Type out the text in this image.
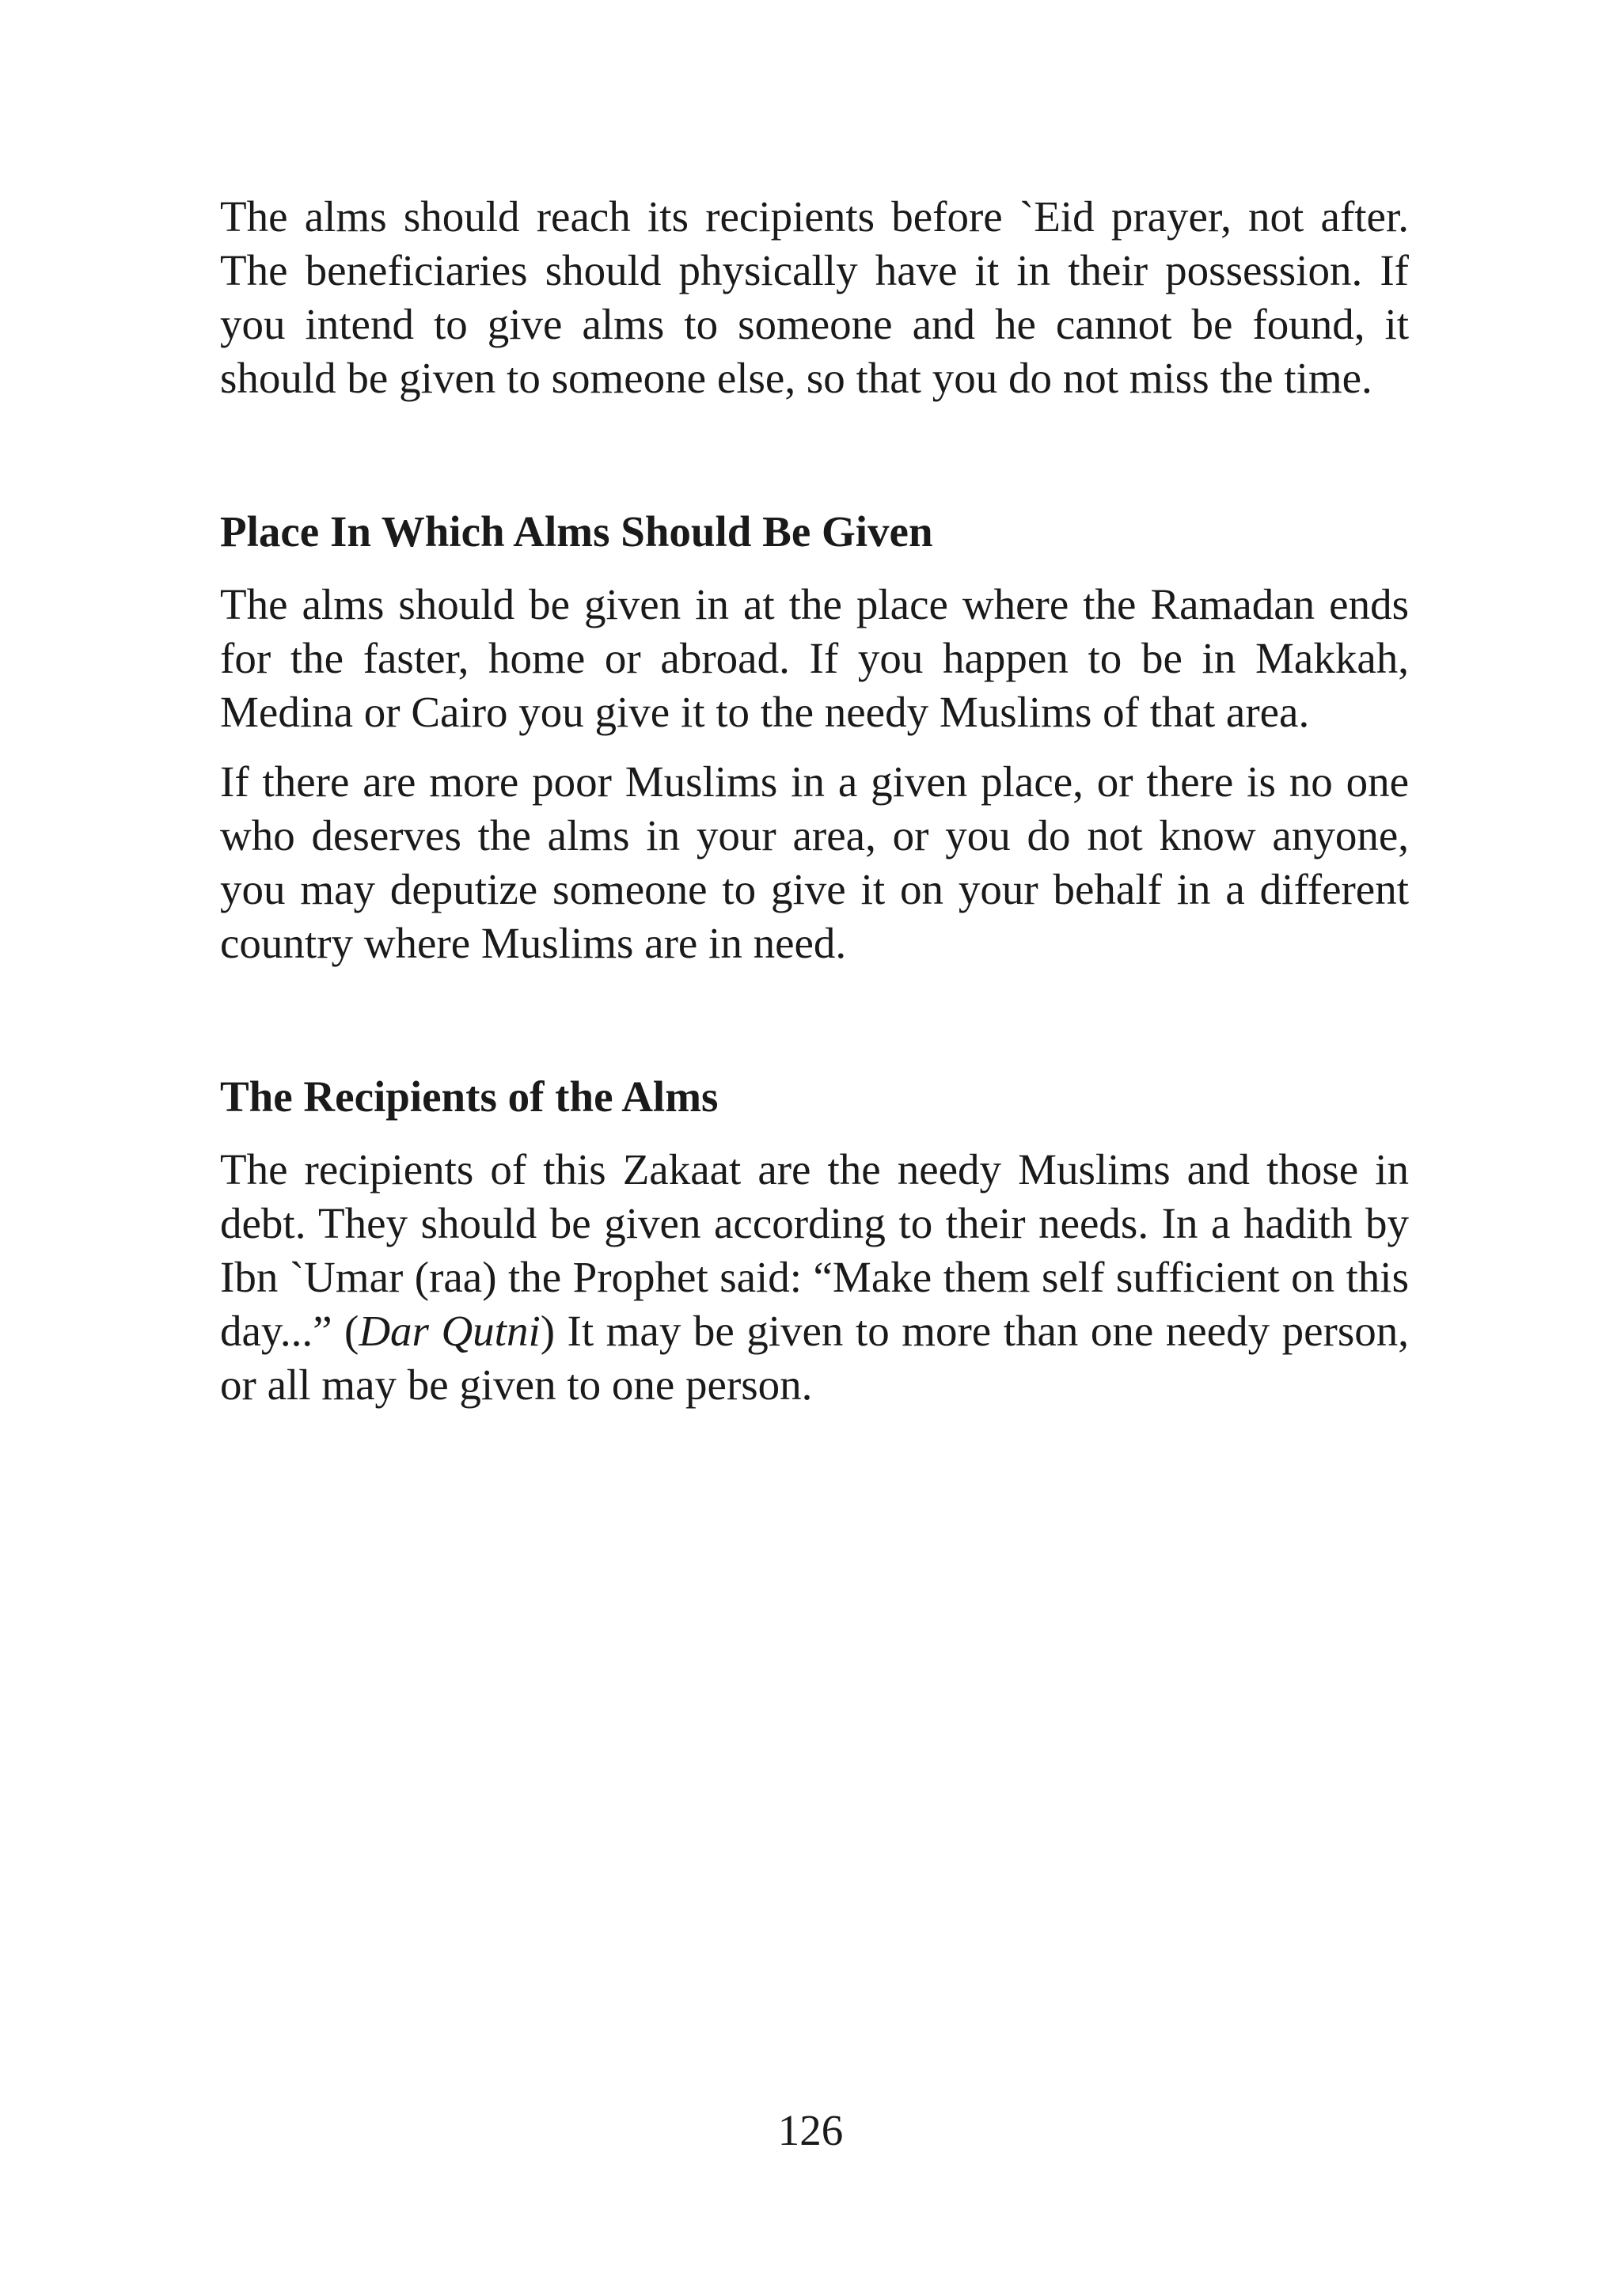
The alms should reach its recipients before `Eid prayer, not after. The beneficiaries should physically have it in their possession. If you intend to give alms to someone and he cannot be found, it should be given to someone else, so that you do not miss the time.

Place In Which Alms Should Be Given

The alms should be given in at the place where the Ramadan ends for the faster, home or abroad. If you happen to be in Makkah, Medina or Cairo you give it to the needy Muslims of that area.

If there are more poor Muslims in a given place, or there is no one who deserves the alms in your area, or you do not know anyone, you may deputize someone to give it on your behalf in a different country where Muslims are in need.

The Recipients of the Alms

The recipients of this Zakaat are the needy Muslims and those in debt. They should be given according to their needs. In a hadith by Ibn `Umar (raa) the Prophet said: “Make them self sufficient on this day...” (Dar Qutni) It may be given to more than one needy person, or all may be given to one person.

126
